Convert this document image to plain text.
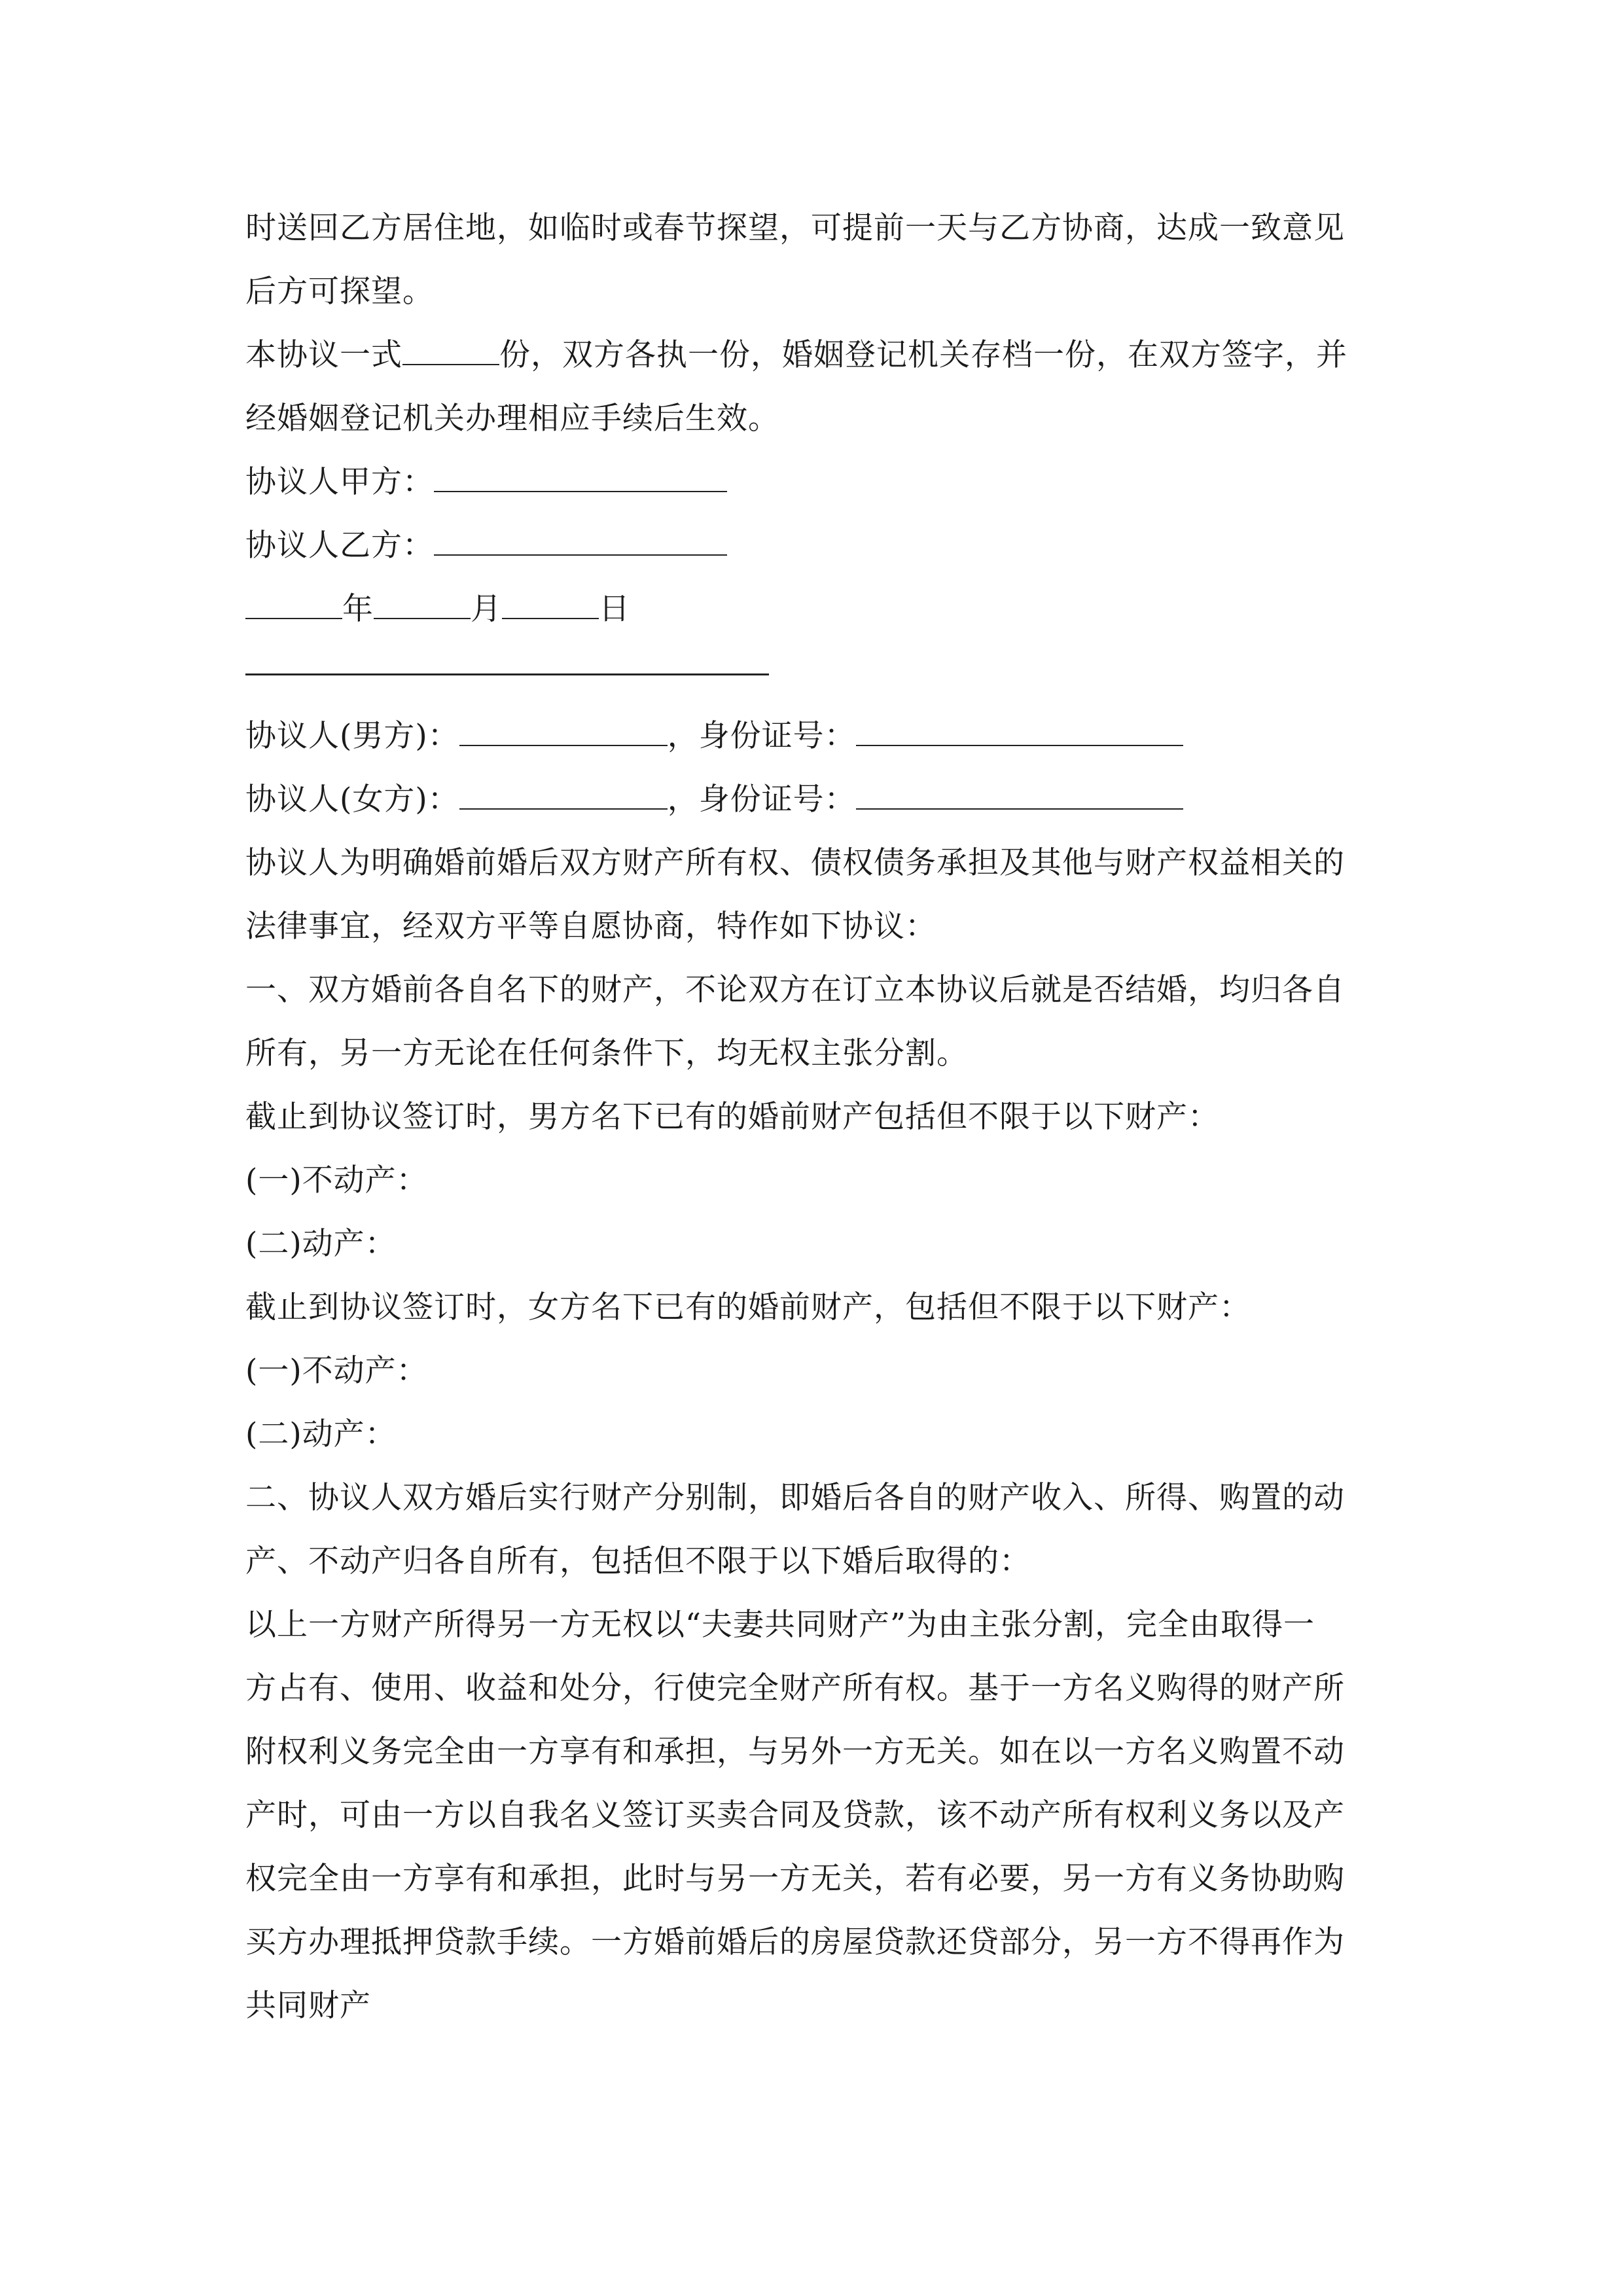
时送回乙方居住地，如临时或春节探望，可提前一天与乙方协商，达成一致意见
后方可探望。
本协议一式	份，双方各执一份，婚姻登记机关存档一份，在双方签字，并
经婚姻登记机关办理相应手续后生效。
协议人甲方：
协议人乙方：
年	月	日
协议人(男方)：	，身份证号：
协议人(女方)：	，身份证号：
协议人为明确婚前婚后双方财产所有权、债权债务承担及其他与财产权益相关的
法律事宜，经双方平等自愿协商，特作如下协议：
一、双方婚前各自名下的财产，不论双方在订立本协议后就是否结婚，均归各自
所有，另一方无论在任何条件下，均无权主张分割。
截止到协议签订时，男方名下已有的婚前财产包括但不限于以下财产：
(一)不动产：
(二)动产：
截止到协议签订时，女方名下已有的婚前财产，包括但不限于以下财产：
(一)不动产：
(二)动产：
二、协议人双方婚后实行财产分别制，即婚后各自的财产收入、所得、购置的动
产、不动产归各自所有，包括但不限于以下婚后取得的：
以上一方财产所得另一方无权以“夫妻共同财产”为由主张分割，完全由取得一
方占有、使用、收益和处分，行使完全财产所有权。基于一方名义购得的财产所
附权利义务完全由一方享有和承担，与另外一方无关。如在以一方名义购置不动
产时，可由一方以自我名义签订买卖合同及贷款，该不动产所有权利义务以及产
权完全由一方享有和承担，此时与另一方无关，若有必要，另一方有义务协助购
买方办理抵押贷款手续。一方婚前婚后的房屋贷款还贷部分，另一方不得再作为
共同财产
